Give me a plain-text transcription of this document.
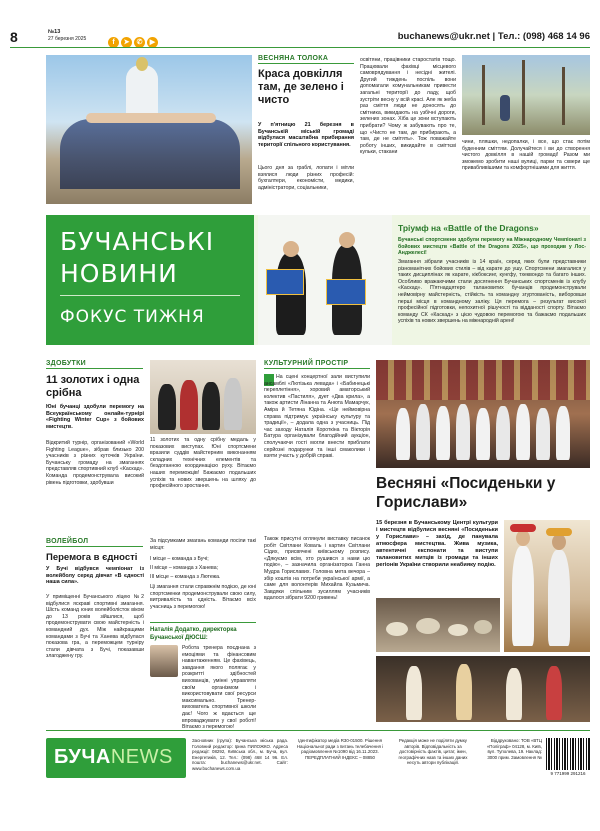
8	№13
27 березня 2025	f ➤ ✆ ▶
buchanews@ukr.net | Тел.: (098) 468 14 96
ВЕСНЯНА ТОЛОКА
Краса довкілля там, де зелено і чисто
У п'ятницю 21 березня в Бучанській міській громаді відбулася масштабна прибирання території спільного користування.
Цього дня за граблі, лопати і мітли взялися люди різних професій: бухгалтери, економісти, медики, адміністратори, соціальники,
освітяни, працівники старостатів тощо. Працювали фахівці місцевого самоврядування і несідні жителі. Другий тиждень поспіль вони допомагали комунальникам привести загальні території до ладу, щоб зустріти весну у всій красі. Але як жеба раз сміття люди не доносять до смітника, викидають на узбічні дороги, зелених зонах. Хіба це зони вступають прибрати? Чому ж забувають про те, що «Чисто не там, де прибирають, а там, де не смітять». Тож поважайте роботу інших, викидайте в сміттєві кульки, стакани
чини, пляшки, недопалки, і все, що стає потім буденним сміттям. Долучайтеся і ви до створення чистого довкілля в нашій громаді! Разом ми зможемо зробити наші вулиці, парки та сквери ще привабливішими та комфортнішими для життя.
БУЧАНСЬКІ
НОВИНИ
ФОКУС ТИЖНЯ
Тріумф на «Battle of the Dragons»
Бучанські спортсмени здобули перемогу на Міжнародному Чемпіонаті з бойових мистецтв «Battle of the Dragons 2025», що проходив у Лос-Анджелесі!
Змагання зібрали учасників із 14 країн, серед яких були представники різноманітних бойових стилів – від карате до ушу. Спортсмени змагалися у таких дисциплінах як карате, кікбоксинг, кунгфу, тхеквондо та багато інших. Особливо вражаючими стали досягнення Бучанських спортсменів із клубу «Каскад». П'ятнадцятеро талановитих бучанців продемонстрували неймовірну майстерність, стійкість та командну згуртованість, виборовши перші місця в командному заліку. Ця перемога – результат високої професійної підготовки, непохитної рішучості та відданості спорту. Вітаємо команду СК «Каскад» з цією чудовою перемогою та бажаємо подальших успіхів та нових звершень на міжнародній арені!
ЗДОБУТКИ
11 золотих і одна срібна
Юні бучанці здобули перемогу на Всеукраїнському онлайн-турнірі «Fighting Winter Cup» з бойових мистецтв.
Відкритий турнір, організований «World Fighting League», зібрав близько 200 учасників з різних куточків України. Бучанську громаду на змаганнях представляв спортивний клуб «Каскад». Команда продемонструвала високий рівень підготовки, здобувши
11 золотих та одну срібну медаль у показових виступах. Юні спортсмени вразили суддів майстерним виконанням складних технічних елементів та бездоганною координацією руху. Вітаємо наших переможців! Бажаємо подальших успіхів та нових звершень на шляху до професійного зростання.
ВОЛЕЙБОЛ
Перемога в єдності
У Бучі відбувся чемпіонат із волейболу серед дівчат «В єдності наша сила».
У приміщенні Бучанського ліцею №2 відбулися яскраві спортивні змагання. Шість команд юних волейболісток віком до 13 років зійшлися, щоб продемонструвати свою майстерність і командний дух. Між найкращими командами з Бучі та Ханева відбулася показова гра, а переможцем турніру стали дівчата з Бучі, показавши злагоджену гру.
За підсумками змагань команди посіли такі місця:
І місце – команда з Бучі;
ІІ місце – команда з Ханева;
ІІІ місце – команда з Лютежа.
Ці змагання стали справжнім подією, де юні спортсменки продемонстрували свою силу, витривалість та єдність. Вітаємо всіх учасниць з перемогою!
Наталія Додатко, директорка Бучанської ДЮСШ:
Робота тренера поєднана з емоціями та фінансовим навантаженням. Це фахівець, завдання якого полягає у розкритті здібностей вихованців, умінні управляти своїм організмом і використовувати свої ресурси максимально. Тренер-вихователь спортивної школи дає! Чого ж вдається ще впроваджувати у свої роботі! Вітаємо з перемогою!
КУЛЬТУРНИЙ ПРОСТІР
На сцені концертної зали виступили ансамблі «Лютізька левада» і «Бабинецькі переплетіння», хоровий аматорський колектив «Пастиля», дует «Два крила», а також артисти Лінанна та Анюта Мамарчук, Аміра й Тетяна Юдіна. «Це неймовірна справа підтримує українську культуру та традиції», – додала одна з учасниць. Під час заходу Наталія Короткіна та Вікторія Батура організували благодійний аукціон, сполучаючи гості могли внести приблати серйозні подарунки та інші смаколики і взяти участь у добрій справі.
Також присутні оглянули виставку писанок робіт Світлани Коваль і картин Світлани Сідих, присвячені київському розпису. «Дякуємо всім, хто рушився з нами цю подію», – зазначила організаторка Ганна Мудра Гориславих. Головна мета вечора – збір коштів на потреби української армії, а саме для волонтерів Михайла Кузьмича. Завдяки спільним зусиллям учасників вдалося зібрати 9200 гривень!
Весняні «Посиденьки у Горислави»
15 березня в Бучанському Центрі культури і мистецтв відбулися весняні «Посиденьки у Горислави» – захід, де панувала атмосфера мистецтва. Жива музика, автентичні експонати та виступи талановитих митців із громади та інших регіонів України створили неабияку подію.
БУЧАNEWS
Засновник (група): Бучанська міська рада. Головний редактор: Ірина ПИЛОЖКО. Адреса редакції: 08292, Київська обл., м. Буча, вул. Енергетиків, 12. Тел.: (098) 468 14 96. Ел. пошта: buchanews@ukr.net. Сайт: www.buchanews.com.ua
Ідентифікатор медіа R30-01500. Рішення Національної ради з питань телебачення і радіомовлення №1090 від 16.11.2023. ПЕРЕДПЛАТНИЙ ІНДЕКС – 08850
Редакція може не поділяти думку авторів. Відповідальність за достовірність фактів, цитат, імен, географічних назв та інших даних несуть автори публікацій.
Віддруковано: ТОВ «ВТЦ «Поліграф» 04128, м. Київ, вул. Туполева, 19. Наклад: 3000 прим. Замовлення №
9 771999 291216
